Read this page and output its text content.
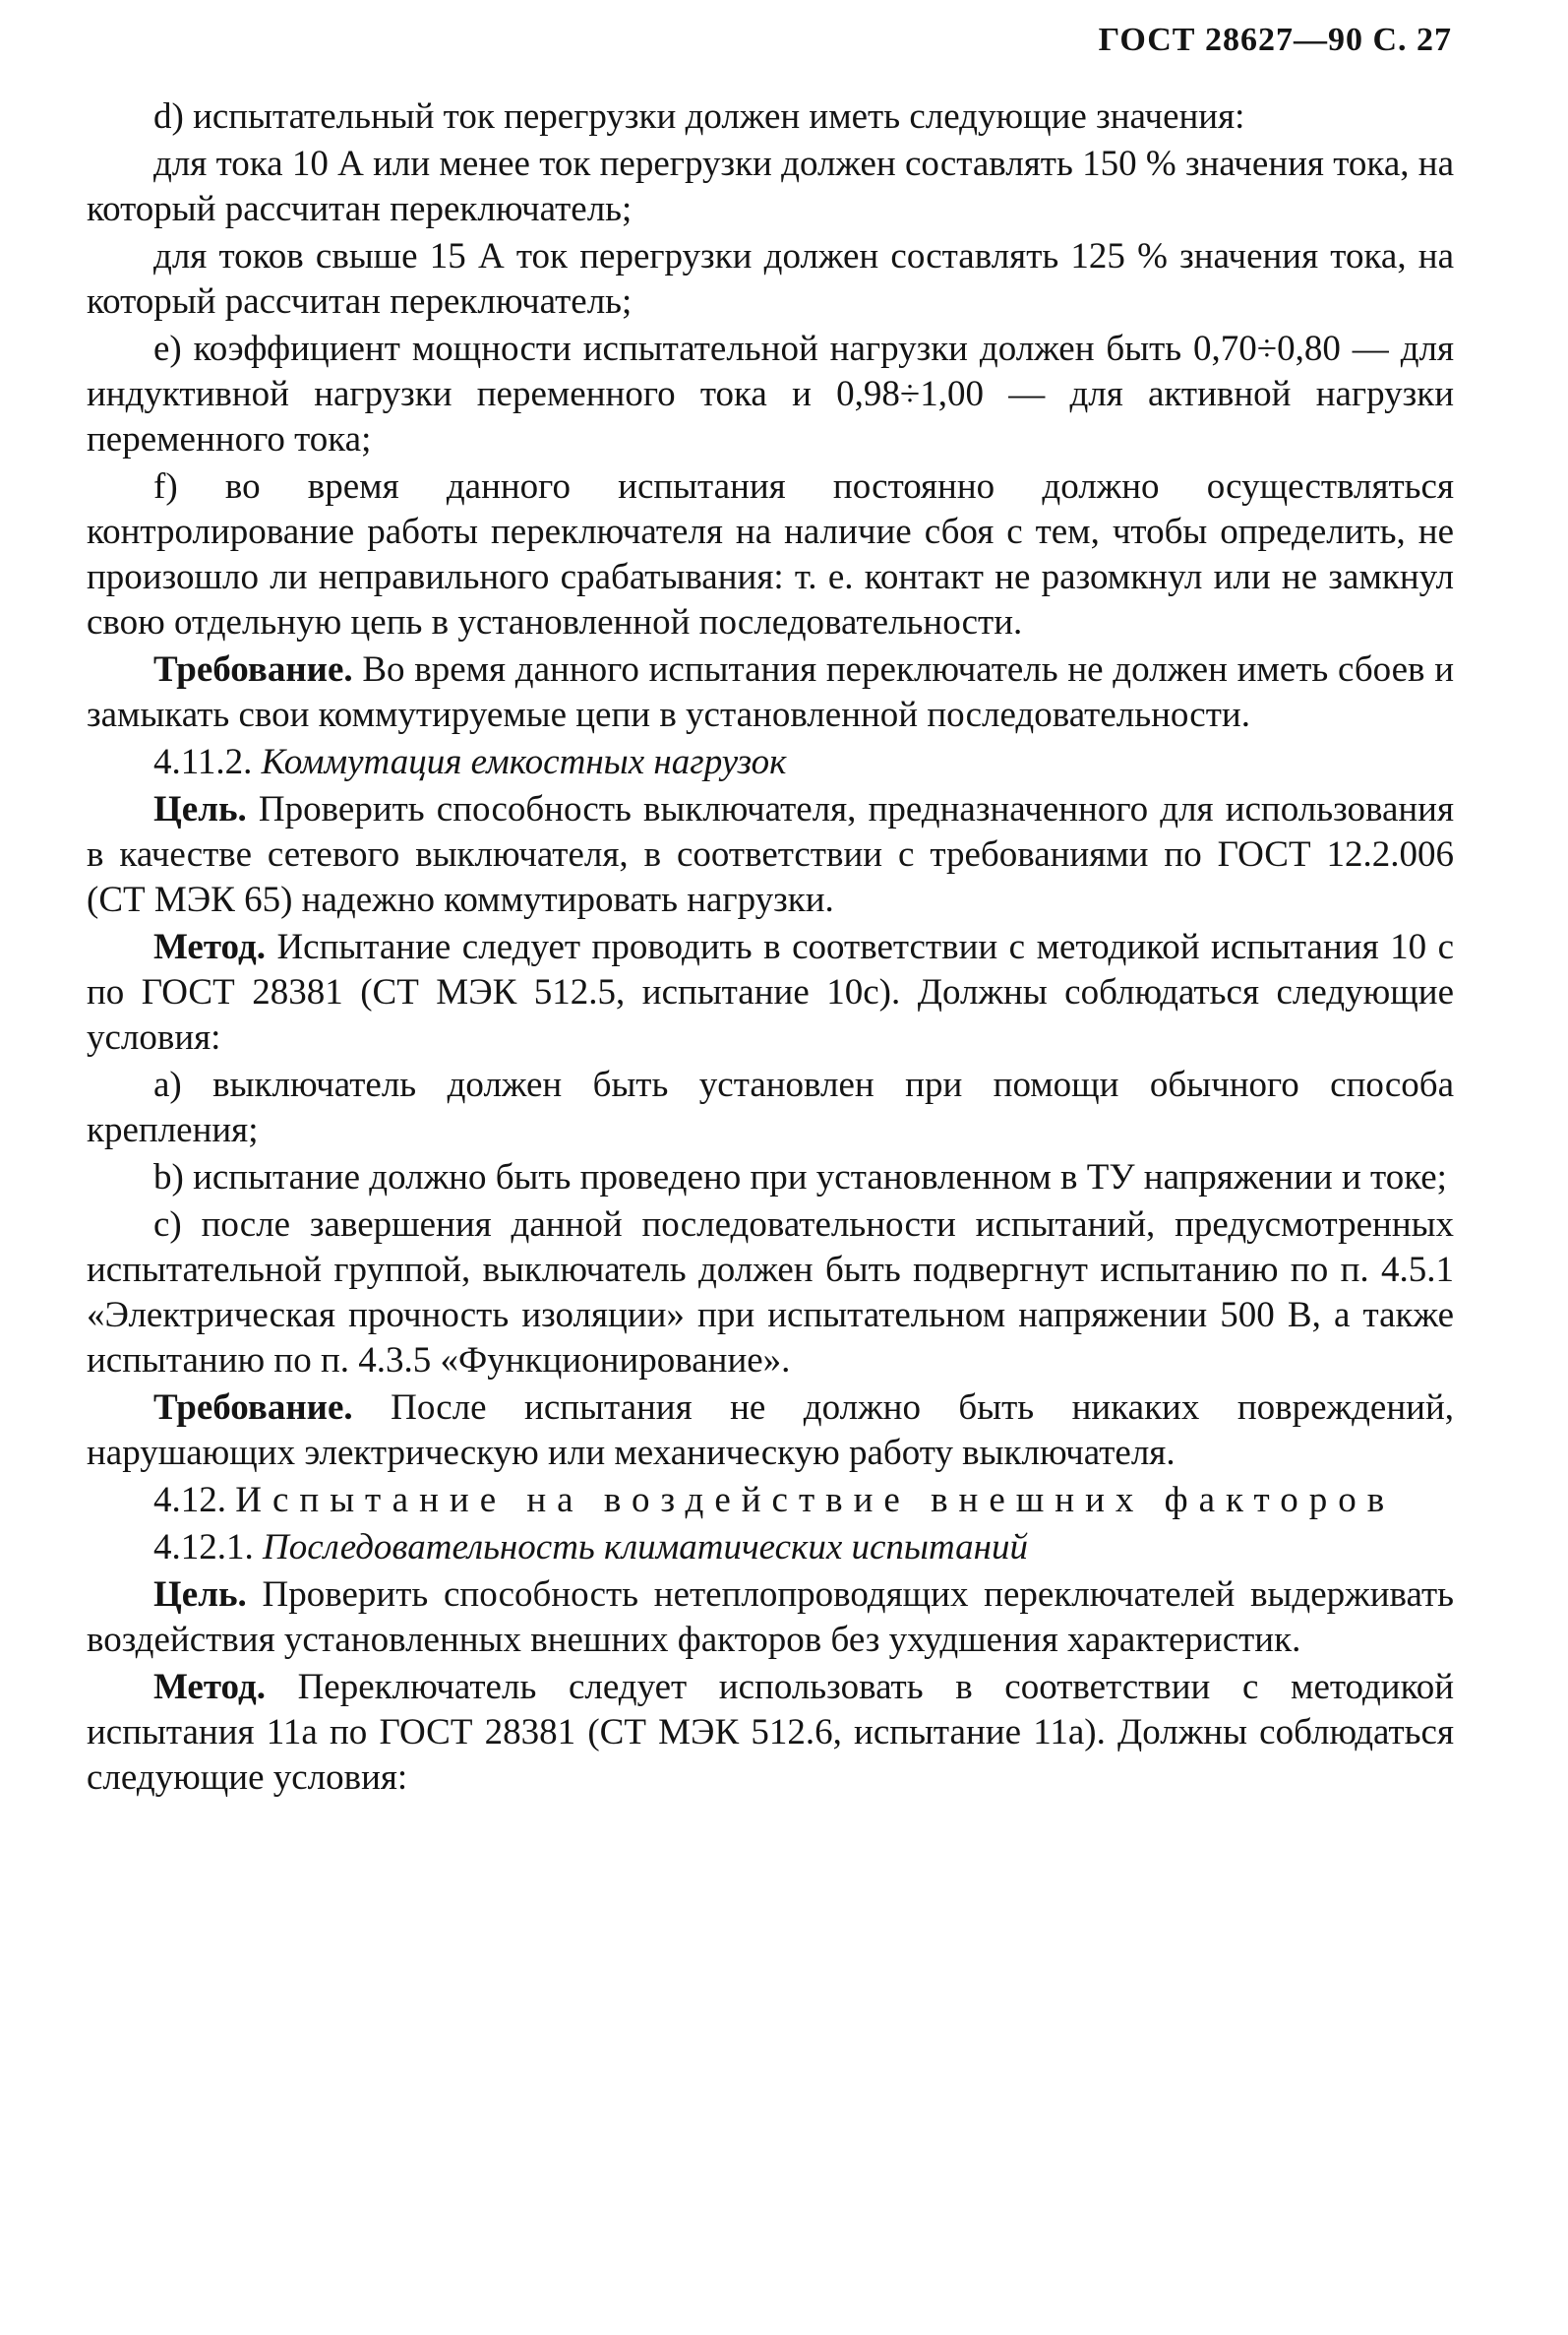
ГОСТ 28627—90 С. 27

d) испытательный ток перегрузки должен иметь следующие значения:

для тока 10 А или менее ток перегрузки должен составлять 150 % значения тока, на который рассчитан переключатель;

для токов свыше 15 А ток перегрузки должен составлять 125 % значения тока, на который рассчитан переключатель;

е) коэффициент мощности испытательной нагрузки должен быть 0,70÷0,80 — для индуктивной нагрузки переменного тока и 0,98÷1,00 — для активной нагрузки переменного тока;

f) во время данного испытания постоянно должно осуществляться контролирование работы переключателя на наличие сбоя с тем, чтобы определить, не произошло ли неправильного срабатывания: т. е. контакт не разомкнул или не замкнул свою отдельную цепь в установленной последовательности.

Требование. Во время данного испытания переключатель не должен иметь сбоев и замыкать свои коммутируемые цепи в установленной последовательности.

4.11.2. Коммутация емкостных нагрузок

Цель. Проверить способность выключателя, предназначенного для использования в качестве сетевого выключателя, в соответствии с требованиями по ГОСТ 12.2.006 (СТ МЭК 65) надежно коммутировать нагрузки.

Метод. Испытание следует проводить в соответствии с методикой испытания 10 с по ГОСТ 28381 (СТ МЭК 512.5, испытание 10с). Должны соблюдаться следующие условия:

а) выключатель должен быть установлен при помощи обычного способа крепления;

b) испытание должно быть проведено при установленном в ТУ напряжении и токе;

с) после завершения данной последовательности испытаний, предусмотренных испытательной группой, выключатель должен быть подвергнут испытанию по п. 4.5.1 «Электрическая прочность изоляции» при испытательном напряжении 500 В, а также испытанию по п. 4.3.5 «Функционирование».

Требование. После испытания не должно быть никаких повреждений, нарушающих электрическую или механическую работу выключателя.

4.12. Испытание на воздействие внешних факторов

4.12.1. Последовательность климатических испытаний

Цель. Проверить способность нетеплопроводящих переключателей выдерживать воздействия установленных внешних факторов без ухудшения характеристик.

Метод. Переключатель следует использовать в соответствии с методикой испытания 11а по ГОСТ 28381 (СТ МЭК 512.6, испытание 11а). Должны соблюдаться следующие условия:
